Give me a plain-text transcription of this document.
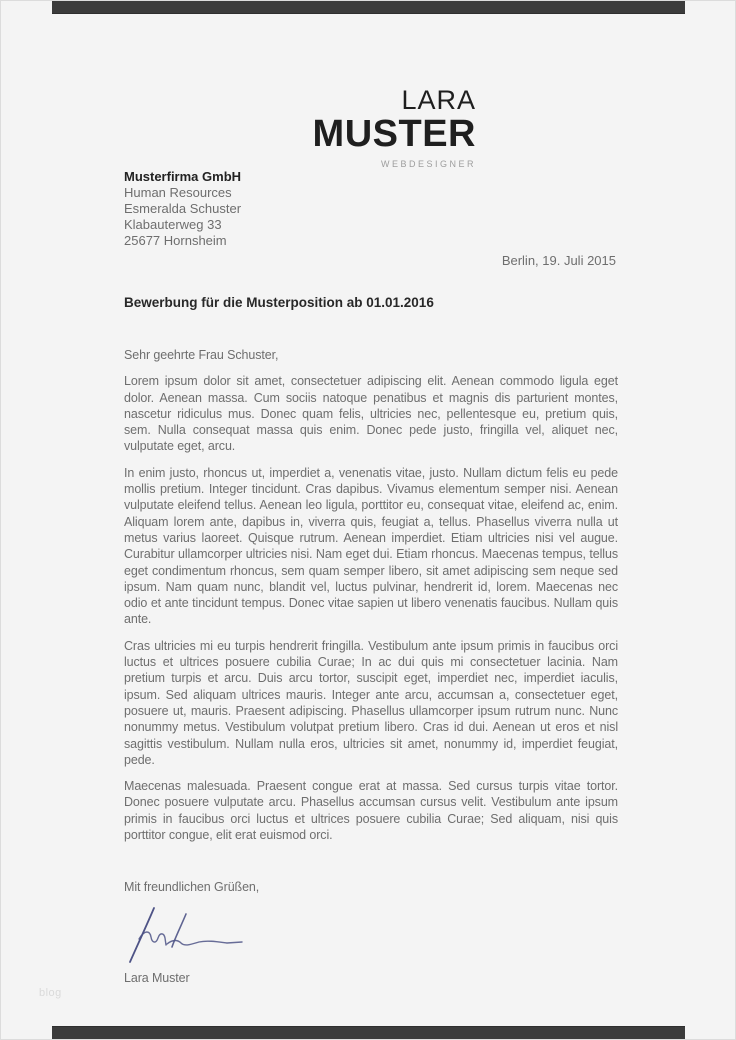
LARA
MUSTER
WEBDESIGNER
Musterfirma GmbH
Human Resources
Esmeralda Schuster
Klabauterweg 33
25677 Hornsheim
Berlin, 19. Juli 2015
Bewerbung für die Musterposition ab 01.01.2016
Sehr geehrte Frau Schuster,

Lorem ipsum dolor sit amet, consectetuer adipiscing elit. Aenean commodo ligula eget dolor. Aenean massa. Cum sociis natoque penatibus et magnis dis parturient montes, nascetur ridiculus mus. Donec quam felis, ultricies nec, pellentesque eu, pretium quis, sem. Nulla consequat massa quis enim. Donec pede justo, fringilla vel, aliquet nec, vulputate eget, arcu.

In enim justo, rhoncus ut, imperdiet a, venenatis vitae, justo. Nullam dictum felis eu pede mollis pretium. Integer tincidunt. Cras dapibus. Vivamus elementum semper nisi. Aenean vulputate eleifend tellus. Aenean leo ligula, porttitor eu, consequat vitae, eleifend ac, enim. Aliquam lorem ante, dapibus in, viverra quis, feugiat a, tellus. Phasellus viverra nulla ut metus varius laoreet. Quisque rutrum. Aenean imperdiet. Etiam ultricies nisi vel augue. Curabitur ullamcorper ultricies nisi. Nam eget dui. Etiam rhoncus. Maecenas tempus, tellus eget condimentum rhoncus, sem quam semper libero, sit amet adipiscing sem neque sed ipsum. Nam quam nunc, blandit vel, luctus pulvinar, hendrerit id, lorem. Maecenas nec odio et ante tincidunt tempus. Donec vitae sapien ut libero venenatis faucibus. Nullam quis ante.

Cras ultricies mi eu turpis hendrerit fringilla. Vestibulum ante ipsum primis in faucibus orci luctus et ultrices posuere cubilia Curae; In ac dui quis mi consectetuer lacinia. Nam pretium turpis et arcu. Duis arcu tortor, suscipit eget, imperdiet nec, imperdiet iaculis, ipsum. Sed aliquam ultrices mauris. Integer ante arcu, accumsan a, consectetuer eget, posuere ut, mauris. Praesent adipiscing. Phasellus ullamcorper ipsum rutrum nunc. Nunc nonummy metus. Vestibulum volutpat pretium libero. Cras id dui. Aenean ut eros et nisl sagittis vestibulum. Nullam nulla eros, ultricies sit amet, nonummy id, imperdiet feugiat, pede.

Maecenas malesuada. Praesent congue erat at massa. Sed cursus turpis vitae tortor. Donec posuere vulputate arcu. Phasellus accumsan cursus velit. Vestibulum ante ipsum primis in faucibus orci luctus et ultrices posuere cubilia Curae; Sed aliquam, nisi quis porttitor congue, elit erat euismod orci.

Mit freundlichen Grüßen,
Lara Muster
blog
